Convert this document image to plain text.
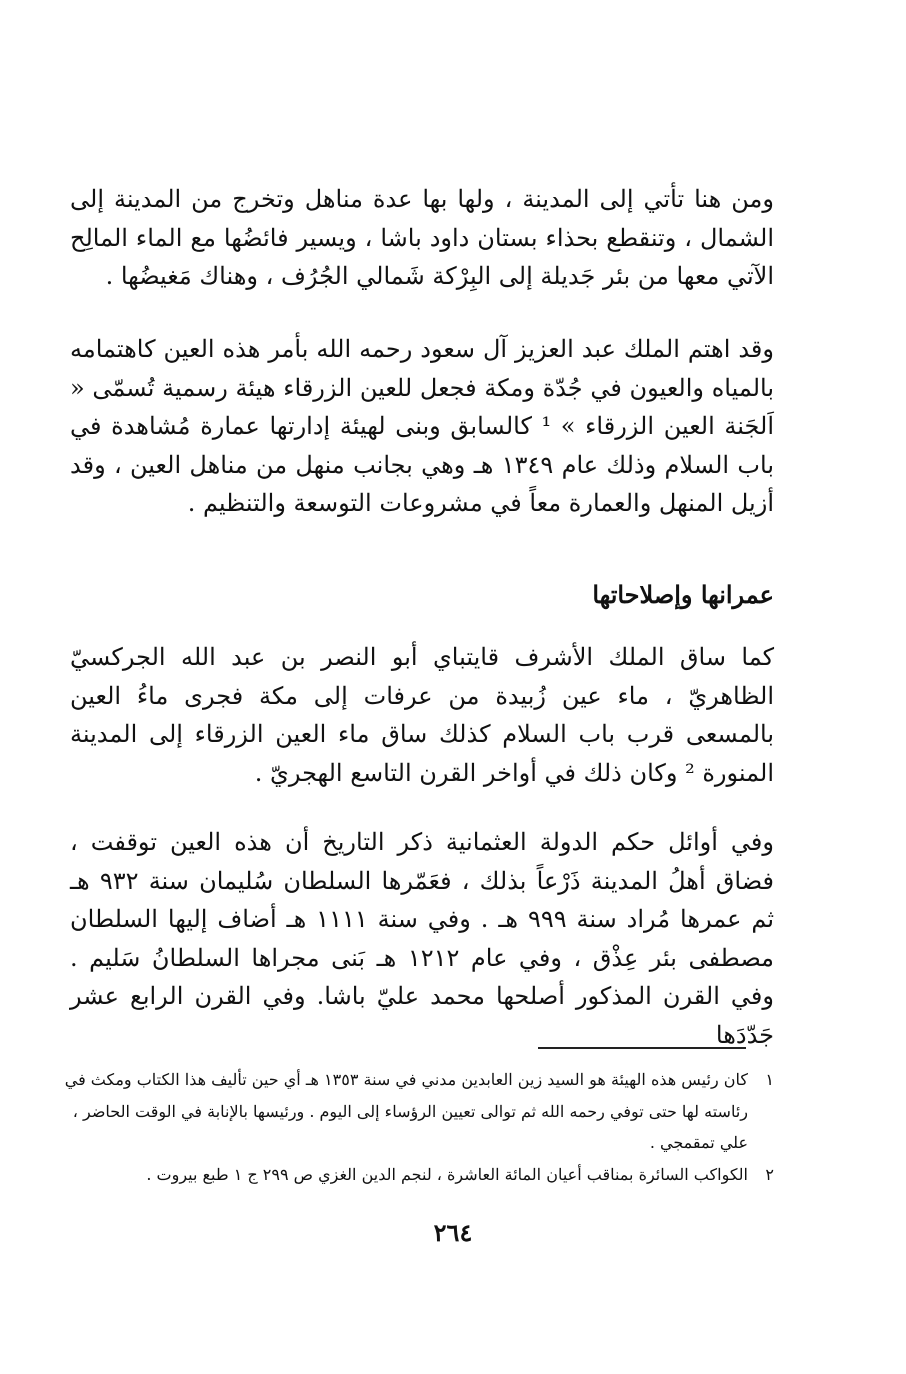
ومن هنا تأتي إلى المدينة ، ولها بها عدة مناهل وتخرج من المدينة إلى الشمال ، وتنقطع بحذاء بستان داود باشا ، ويسير فائضُها مع الماء المالِح الآتي معها من بئر جَديلة إلى البِرْكة شَمالي الجُرُف ، وهناك مَغيضُها .

وقد اهتم الملك عبد العزيز آل سعود رحمه الله بأمر هذه العين كاهتمامه بالمياه والعيون في جُدّة ومكة فجعل للعين الزرقاء هيئة رسمية تُسمّى « اَلجَنة العين الزرقاء » ¹ كالسابق وبنى لهيئة إدارتها عمارة مُشاهدة في باب السلام وذلك عام ١٣٤٩ هـ وهي بجانب منهل من مناهل العين ، وقد أزيل المنهل والعمارة معاً في مشروعات التوسعة والتنظيم .

عمرانها وإصلاحاتها

كما ساق الملك الأشرف قايتباي أبو النصر بن عبد الله الجركسيّ الظاهريّ ، ماء عين زُبيدة من عرفات إلى مكة فجرى ماءُ العين بالمسعى قرب باب السلام كذلك ساق ماء العين الزرقاء إلى المدينة المنورة ² وكان ذلك في أواخر القرن التاسع الهجريّ .

وفي أوائل حكم الدولة العثمانية ذكر التاريخ أن هذه العين توقفت ، فضاق أهلُ المدينة ذَرْعاً بذلك ، فعَمّرها السلطان سُليمان سنة ٩٣٢ هـ ثم عمرها مُراد سنة ٩٩٩ هـ . وفي سنة ١١١١ هـ أضاف إليها السلطان مصطفى بئر عِذْق ، وفي عام ١٢١٢ هـ بَنى مجراها السلطانُ سَليم . وفي القرن المذكور أصلحها محمد عليّ باشا. وفي القرن الرابع عشر جَدّدَها

١
كان رئيس هذه الهيئة هو السيد زين العابدين مدني في سنة ١٣٥٣ هـ أي حين تأليف هذا الكتاب ومكث في رئاسته لها حتى توفي رحمه الله ثم توالى تعيين الرؤساء إلى اليوم . ورئيسها بالإنابة في الوقت الحاضر ، علي تمقمجي .

٢
الكواكب السائرة بمناقب أعيان المائة العاشرة ، لنجم الدين الغزي ص ٢٩٩ ج ١ طبع بيروت .

٢٦٤
